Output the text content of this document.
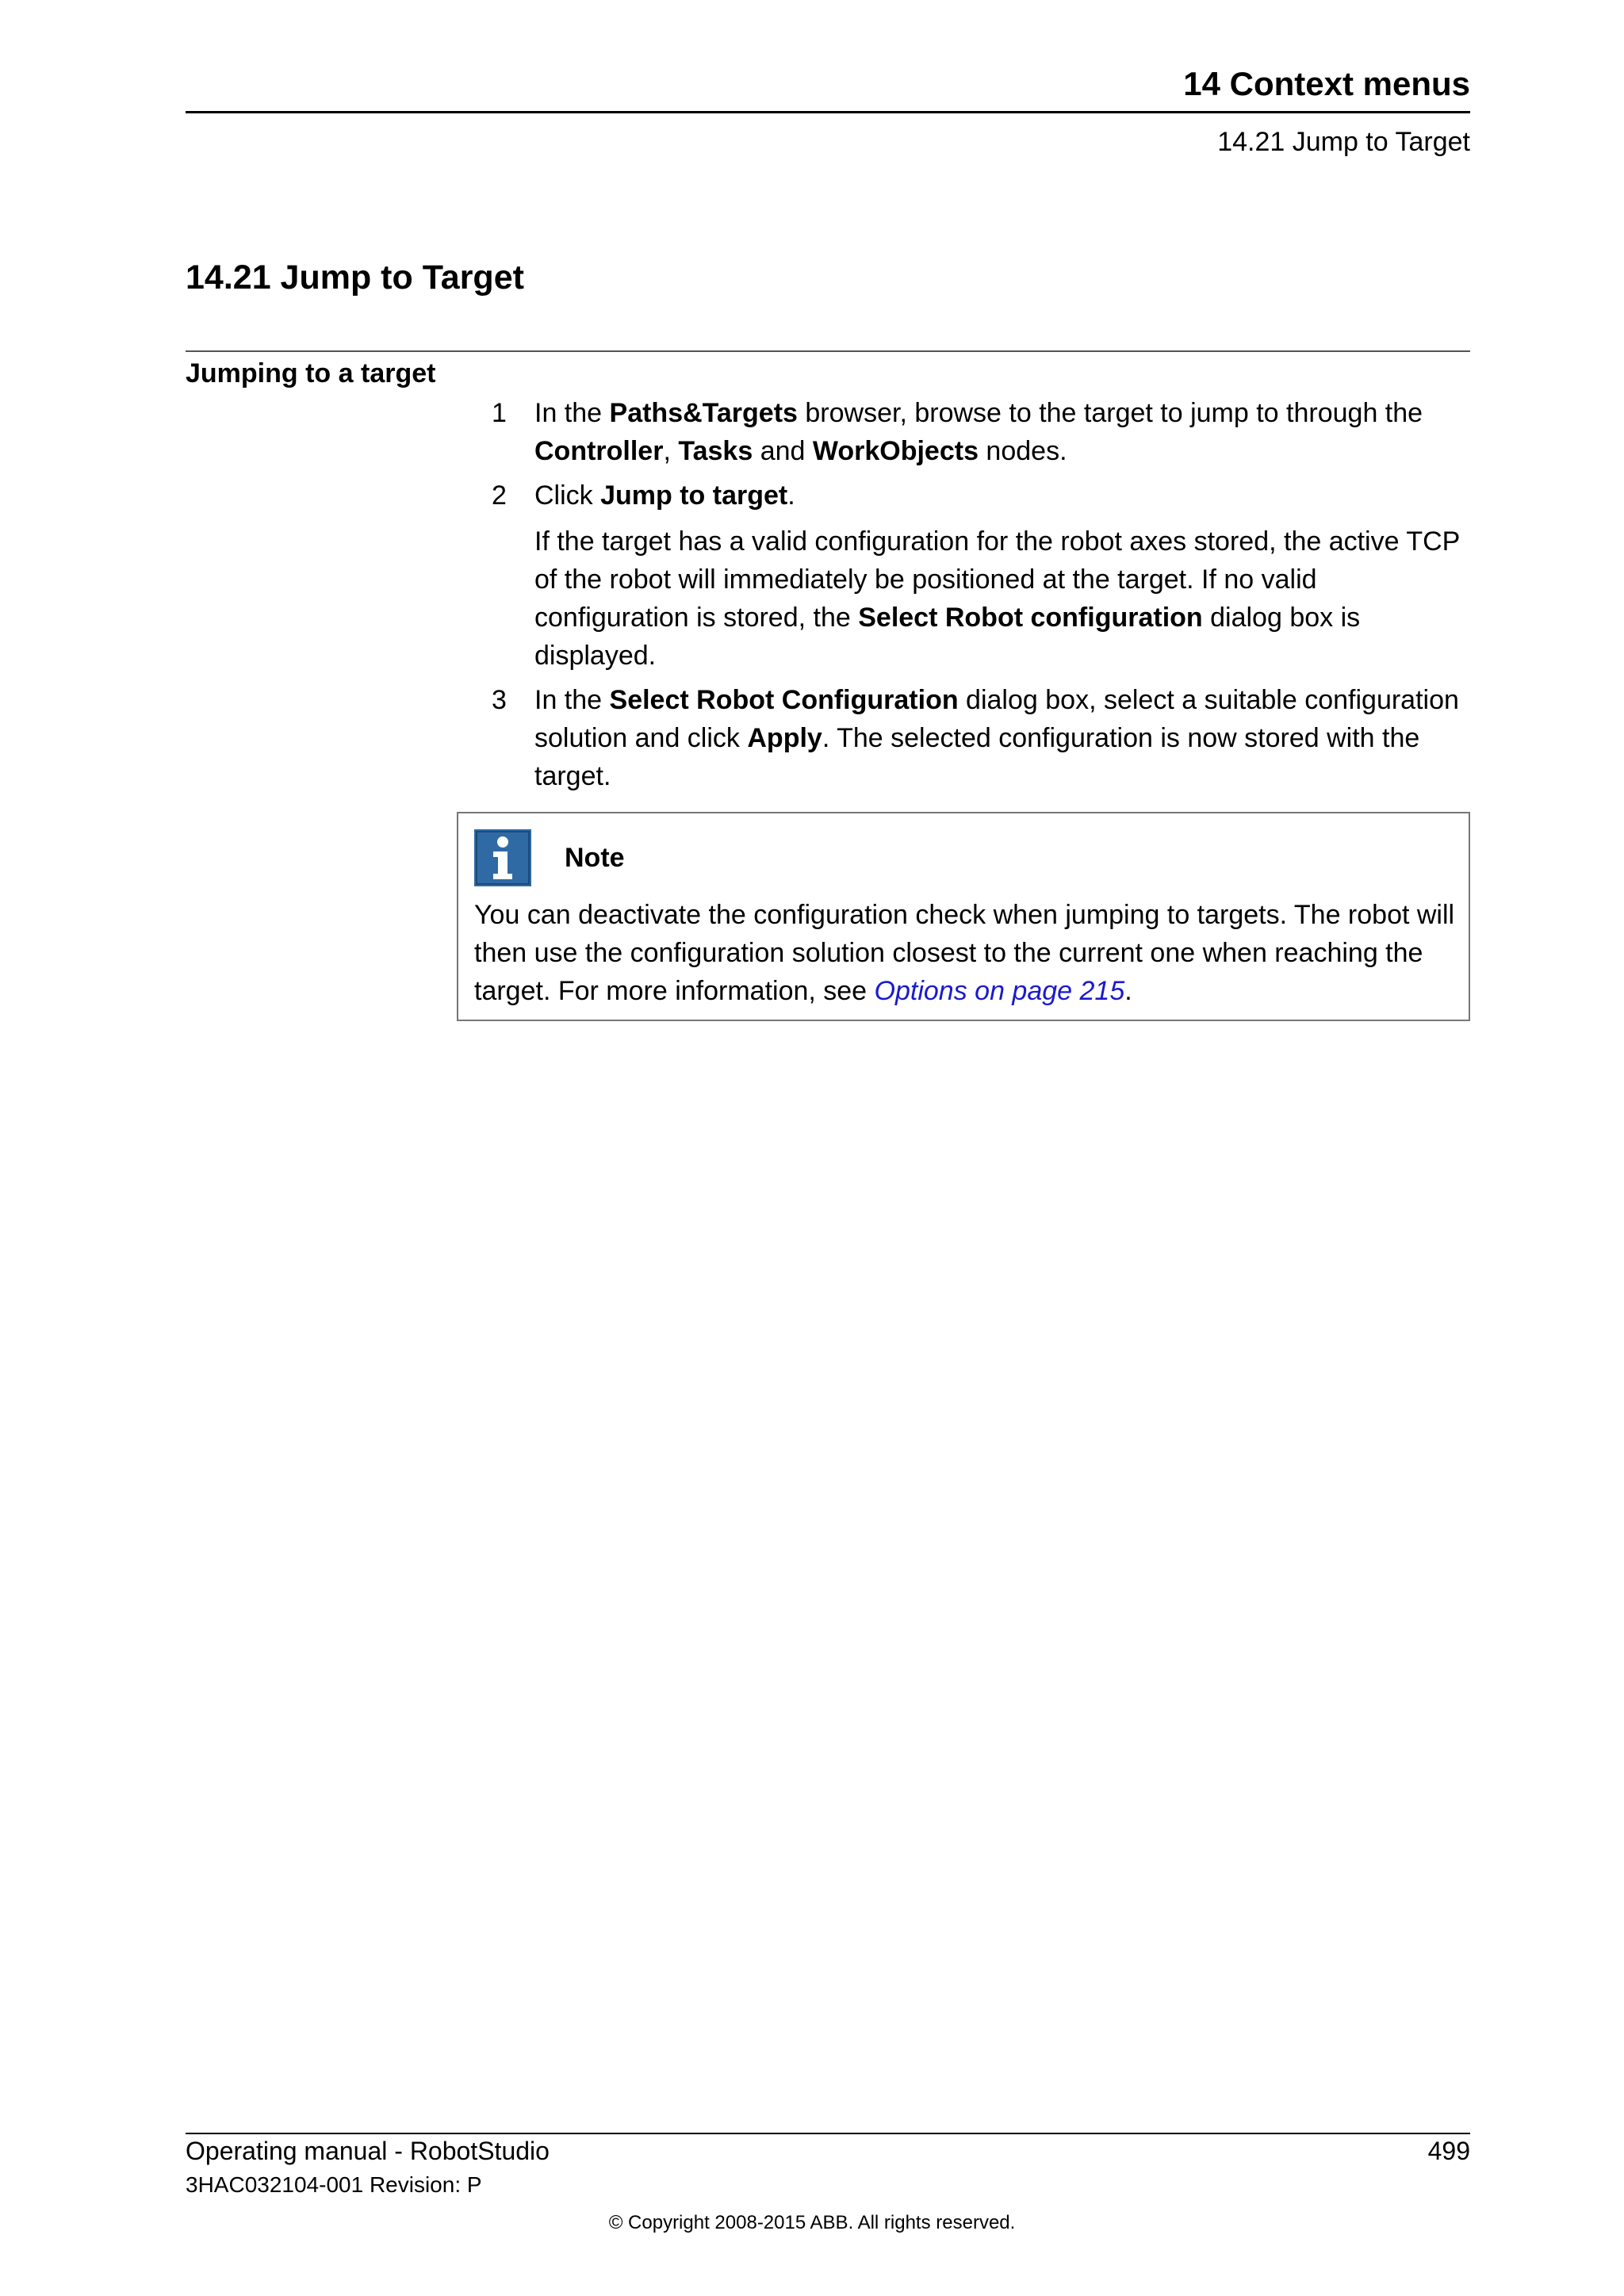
14 Context menus
14.21 Jump to Target
14.21 Jump to Target
Jumping to a target
1	In the Paths&Targets browser, browse to the target to jump to through the Controller, Tasks and WorkObjects nodes.

2	Click Jump to target.

If the target has a valid configuration for the robot axes stored, the active TCP of the robot will immediately be positioned at the target. If no valid configuration is stored, the Select Robot configuration dialog box is displayed.

3	In the Select Robot Configuration dialog box, select a suitable configuration solution and click Apply. The selected configuration is now stored with the target.

Note
You can deactivate the configuration check when jumping to targets. The robot will then use the configuration solution closest to the current one when reaching the target. For more information, see Options on page 215.
Operating manual - RobotStudio	499
3HAC032104-001 Revision: P
© Copyright 2008-2015 ABB. All rights reserved.
